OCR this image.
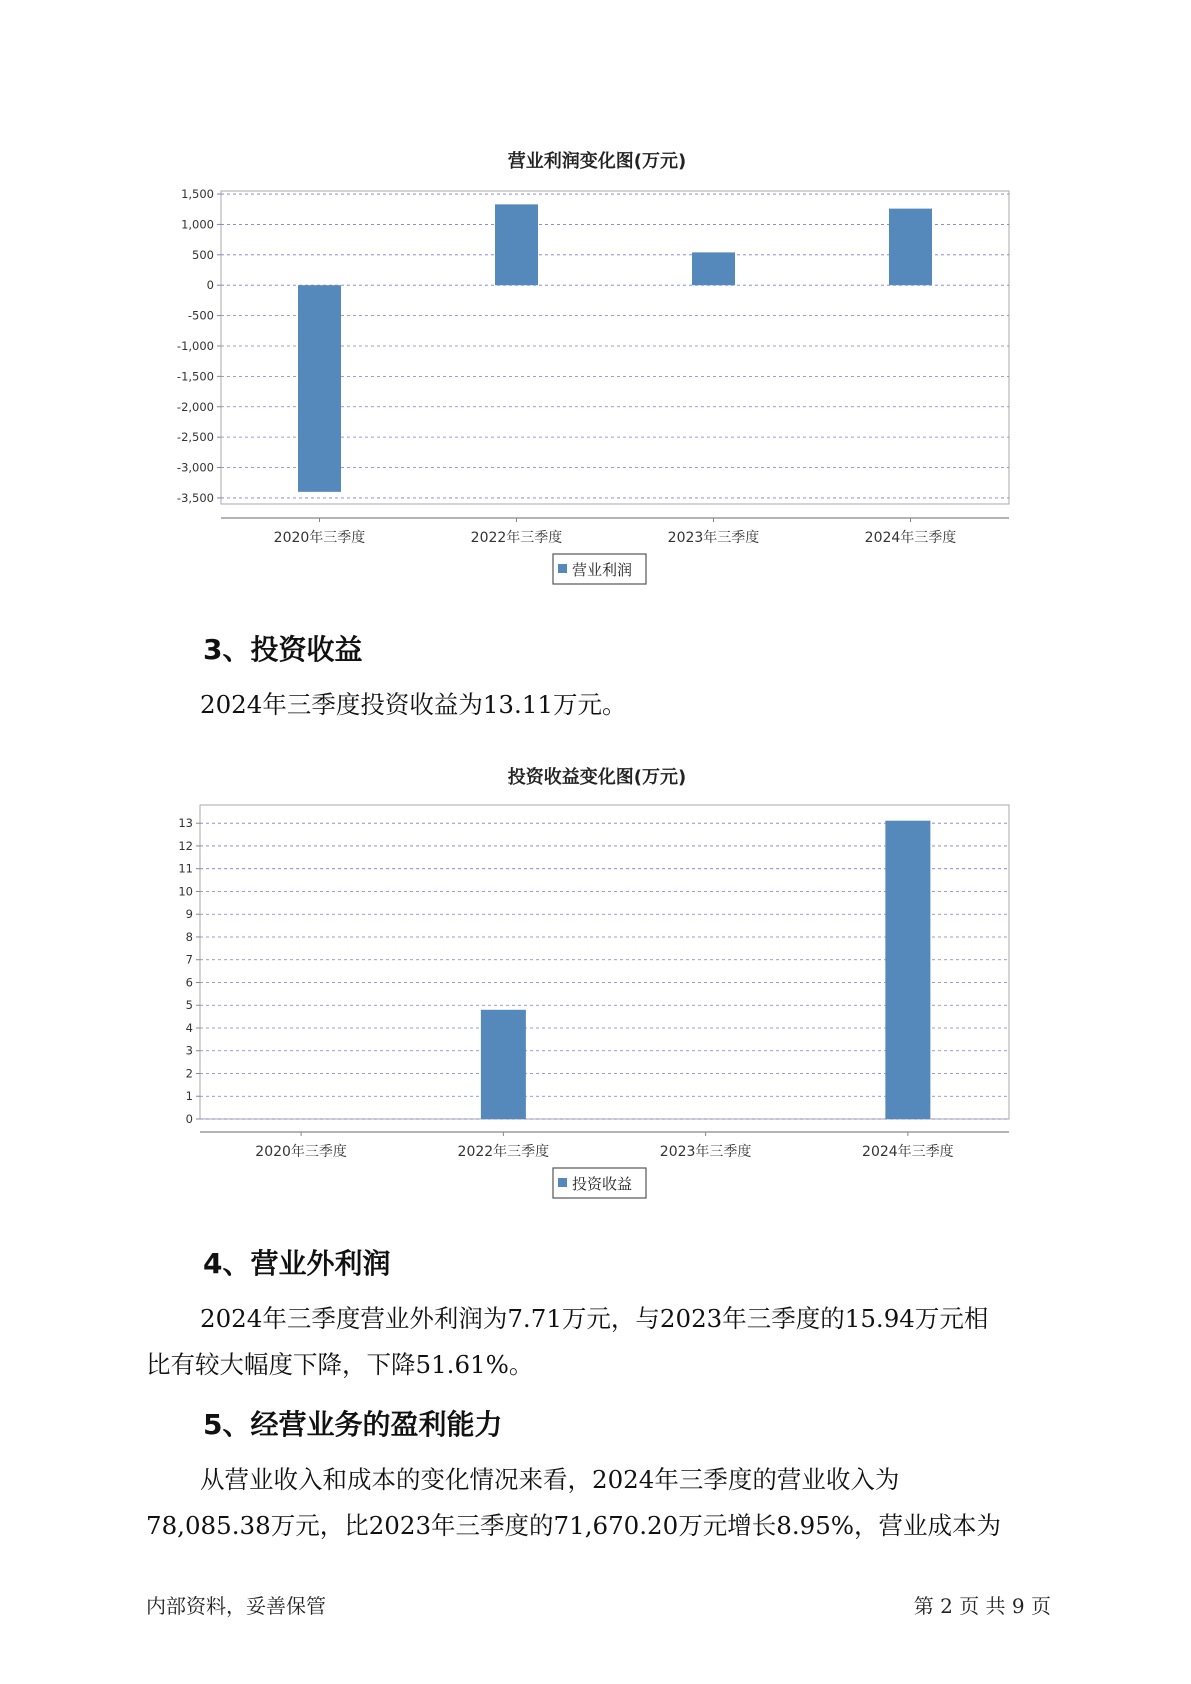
营业利润变化图(万元)
1,500
1,000
500
0
-500
-1,000
-1,500
-2,000
-2,500
-3,000
-3,500
2020年三季度	2022年三季度	2023年三季度	2024年三季度
营业利润
3、投资收益

2024年三季度投资收益为13.11万元。

投资收益变化图(万元)
0
1
2
3
4
5
6
7
8
9
10
11
12
13
2020年三季度	2022年三季度	2023年三季度	2024年三季度
投资收益
4、营业外利润

2024年三季度营业外利润为7.71万元，与2023年三季度的15.94万元相
比有较大幅度下降，下降51.61%。

5、经营业务的盈利能力

从营业收入和成本的变化情况来看，2024年三季度的营业收入为
78,085.38万元，比2023年三季度的71,670.20万元增长8.95%，营业成本为

内部资料，妥善保管	第 2 页 共 9 页
